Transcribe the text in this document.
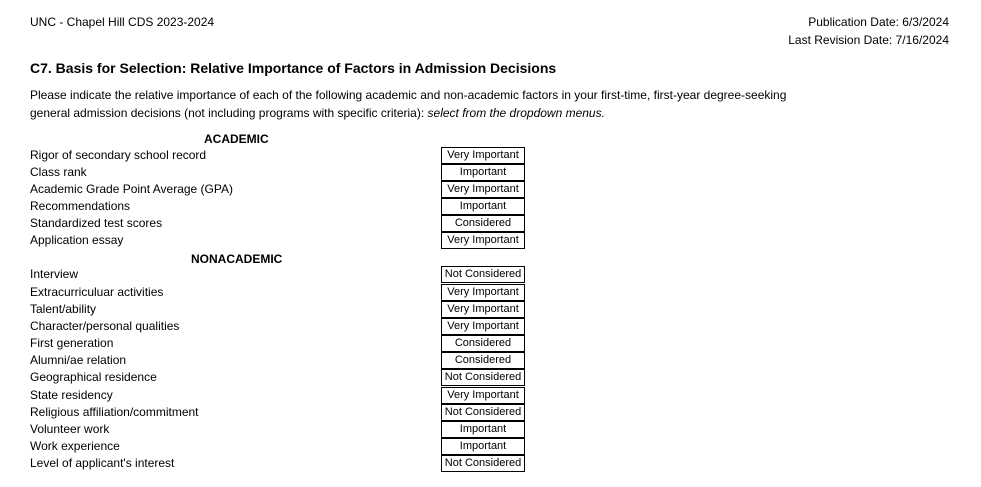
UNC - Chapel Hill CDS 2023-2024	Publication Date: 6/3/2024
Last Revision Date: 7/16/2024
C7. Basis for Selection: Relative Importance of Factors in Admission Decisions
Please indicate the relative importance of each of the following academic and non-academic factors in your first-time, first-year degree-seeking general admission decisions (not including programs with specific criteria): select from the dropdown menus.
ACADEMIC
Rigor of secondary school record	Very Important
Class rank	Important
Academic Grade Point Average (GPA)	Very Important
Recommendations	Important
Standardized test scores	Considered
Application essay	Very Important
NONACADEMIC
Interview	Not Considered
Extracurriculuar activities	Very Important
Talent/ability	Very Important
Character/personal qualities	Very Important
First generation	Considered
Alumni/ae relation	Considered
Geographical residence	Not Considered
State residency	Very Important
Religious affiliation/commitment	Not Considered
Volunteer work	Important
Work experience	Important
Level of applicant's interest	Not Considered
